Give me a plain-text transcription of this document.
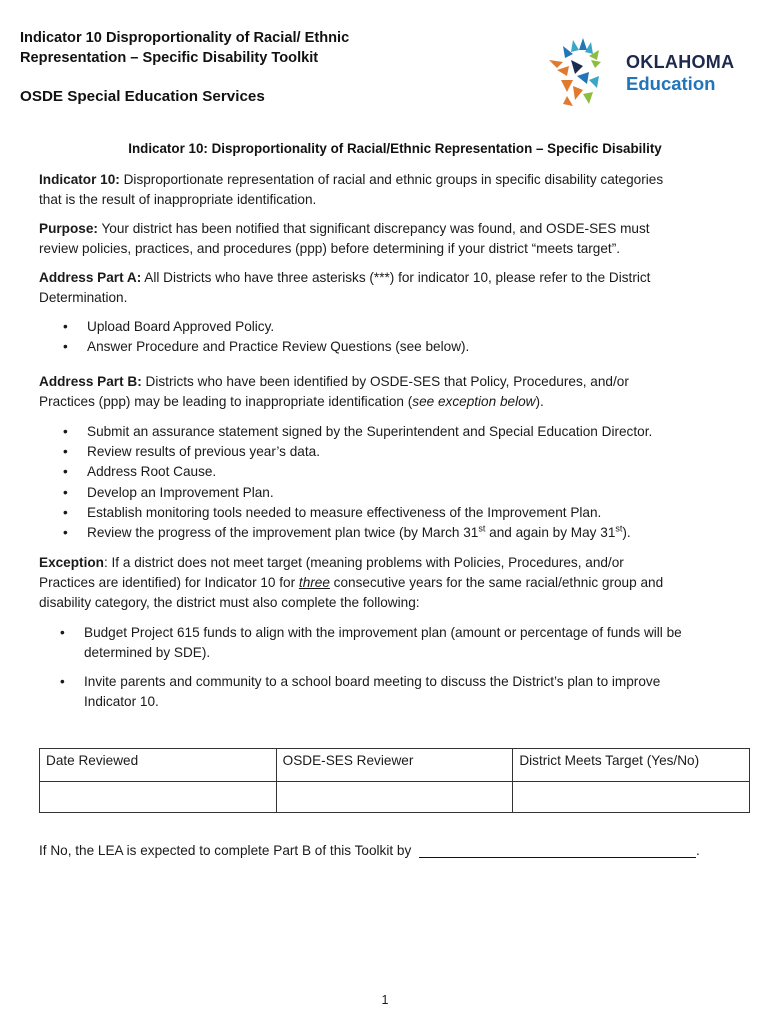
Indicator 10 Disproportionality of Racial/ Ethnic
Representation – Specific Disability Toolkit
OSDE Special Education Services
OKLAHOMA
Education
Indicator 10: Disproportionality of Racial/Ethnic Representation – Specific Disability
Indicator 10: Disproportionate representation of racial and ethnic groups in specific disability categories
that is the result of inappropriate identification.
Purpose: Your district has been notified that significant discrepancy was found, and OSDE-SES must
review policies, practices, and procedures (ppp) before determining if your district “meets target”.
Address Part A: All Districts who have three asterisks (***) for indicator 10, please refer to the District
Determination.
• Upload Board Approved Policy.
• Answer Procedure and Practice Review Questions (see below).
Address Part B: Districts who have been identified by OSDE-SES that Policy, Procedures, and/or
Practices (ppp) may be leading to inappropriate identification (see exception below).
• Submit an assurance statement signed by the Superintendent and Special Education Director.
• Review results of previous year’s data.
• Address Root Cause.
• Develop an Improvement Plan.
• Establish monitoring tools needed to measure effectiveness of the Improvement Plan.
• Review the progress of the improvement plan twice (by March 31st and again by May 31st).
Exception: If a district does not meet target (meaning problems with Policies, Procedures, and/or
Practices are identified) for Indicator 10 for three consecutive years for the same racial/ethnic group and
disability category, the district must also complete the following:
• Budget Project 615 funds to align with the improvement plan (amount or percentage of funds will be
determined by SDE).
• Invite parents and community to a school board meeting to discuss the District’s plan to improve
Indicator 10.
Date Reviewed	OSDE-SES Reviewer	District Meets Target (Yes/No)

If No, the LEA is expected to complete Part B of this Toolkit by	.
1
